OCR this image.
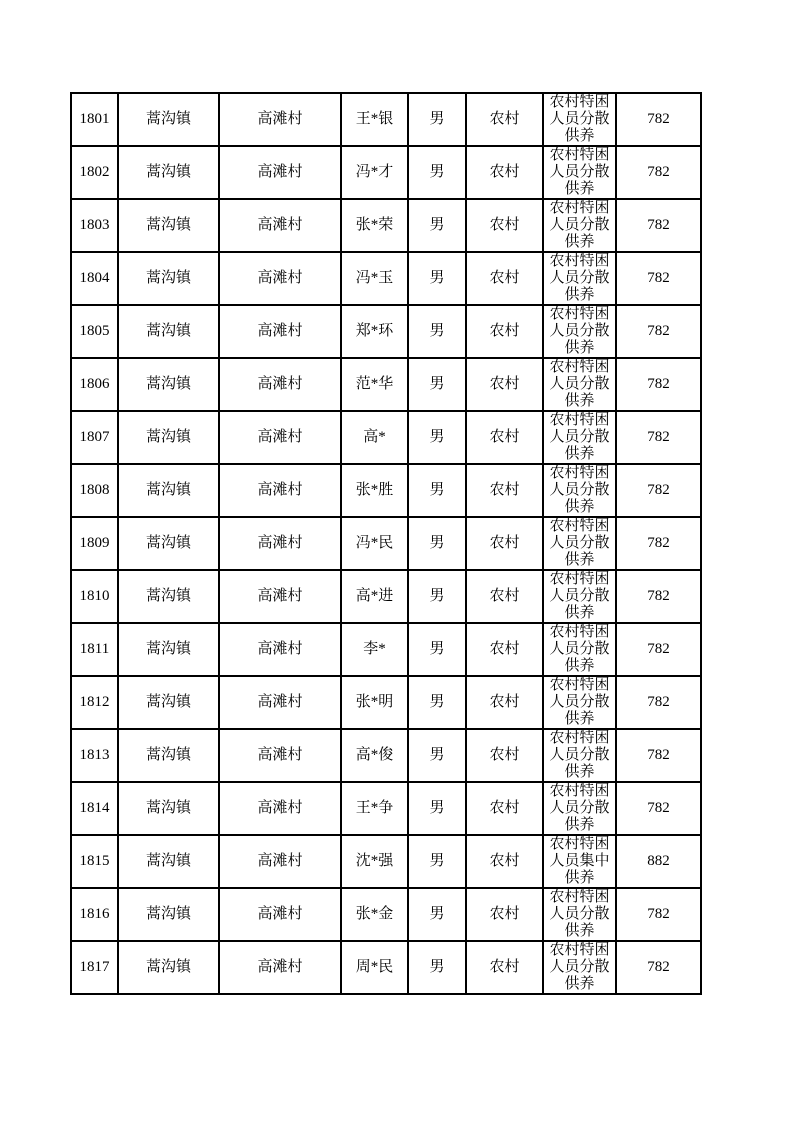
1801	蒿沟镇	高滩村	王*银	男	农村	农村特困人员分散供养	782
1802	蒿沟镇	高滩村	冯*才	男	农村	农村特困人员分散供养	782
1803	蒿沟镇	高滩村	张*荣	男	农村	农村特困人员分散供养	782
1804	蒿沟镇	高滩村	冯*玉	男	农村	农村特困人员分散供养	782
1805	蒿沟镇	高滩村	郑*环	男	农村	农村特困人员分散供养	782
1806	蒿沟镇	高滩村	范*华	男	农村	农村特困人员分散供养	782
1807	蒿沟镇	高滩村	高*	男	农村	农村特困人员分散供养	782
1808	蒿沟镇	高滩村	张*胜	男	农村	农村特困人员分散供养	782
1809	蒿沟镇	高滩村	冯*民	男	农村	农村特困人员分散供养	782
1810	蒿沟镇	高滩村	高*进	男	农村	农村特困人员分散供养	782
1811	蒿沟镇	高滩村	李*	男	农村	农村特困人员分散供养	782
1812	蒿沟镇	高滩村	张*明	男	农村	农村特困人员分散供养	782
1813	蒿沟镇	高滩村	高*俊	男	农村	农村特困人员分散供养	782
1814	蒿沟镇	高滩村	王*争	男	农村	农村特困人员分散供养	782
1815	蒿沟镇	高滩村	沈*强	男	农村	农村特困人员集中供养	882
1816	蒿沟镇	高滩村	张*金	男	农村	农村特困人员分散供养	782
1817	蒿沟镇	高滩村	周*民	男	农村	农村特困人员分散供养	782
